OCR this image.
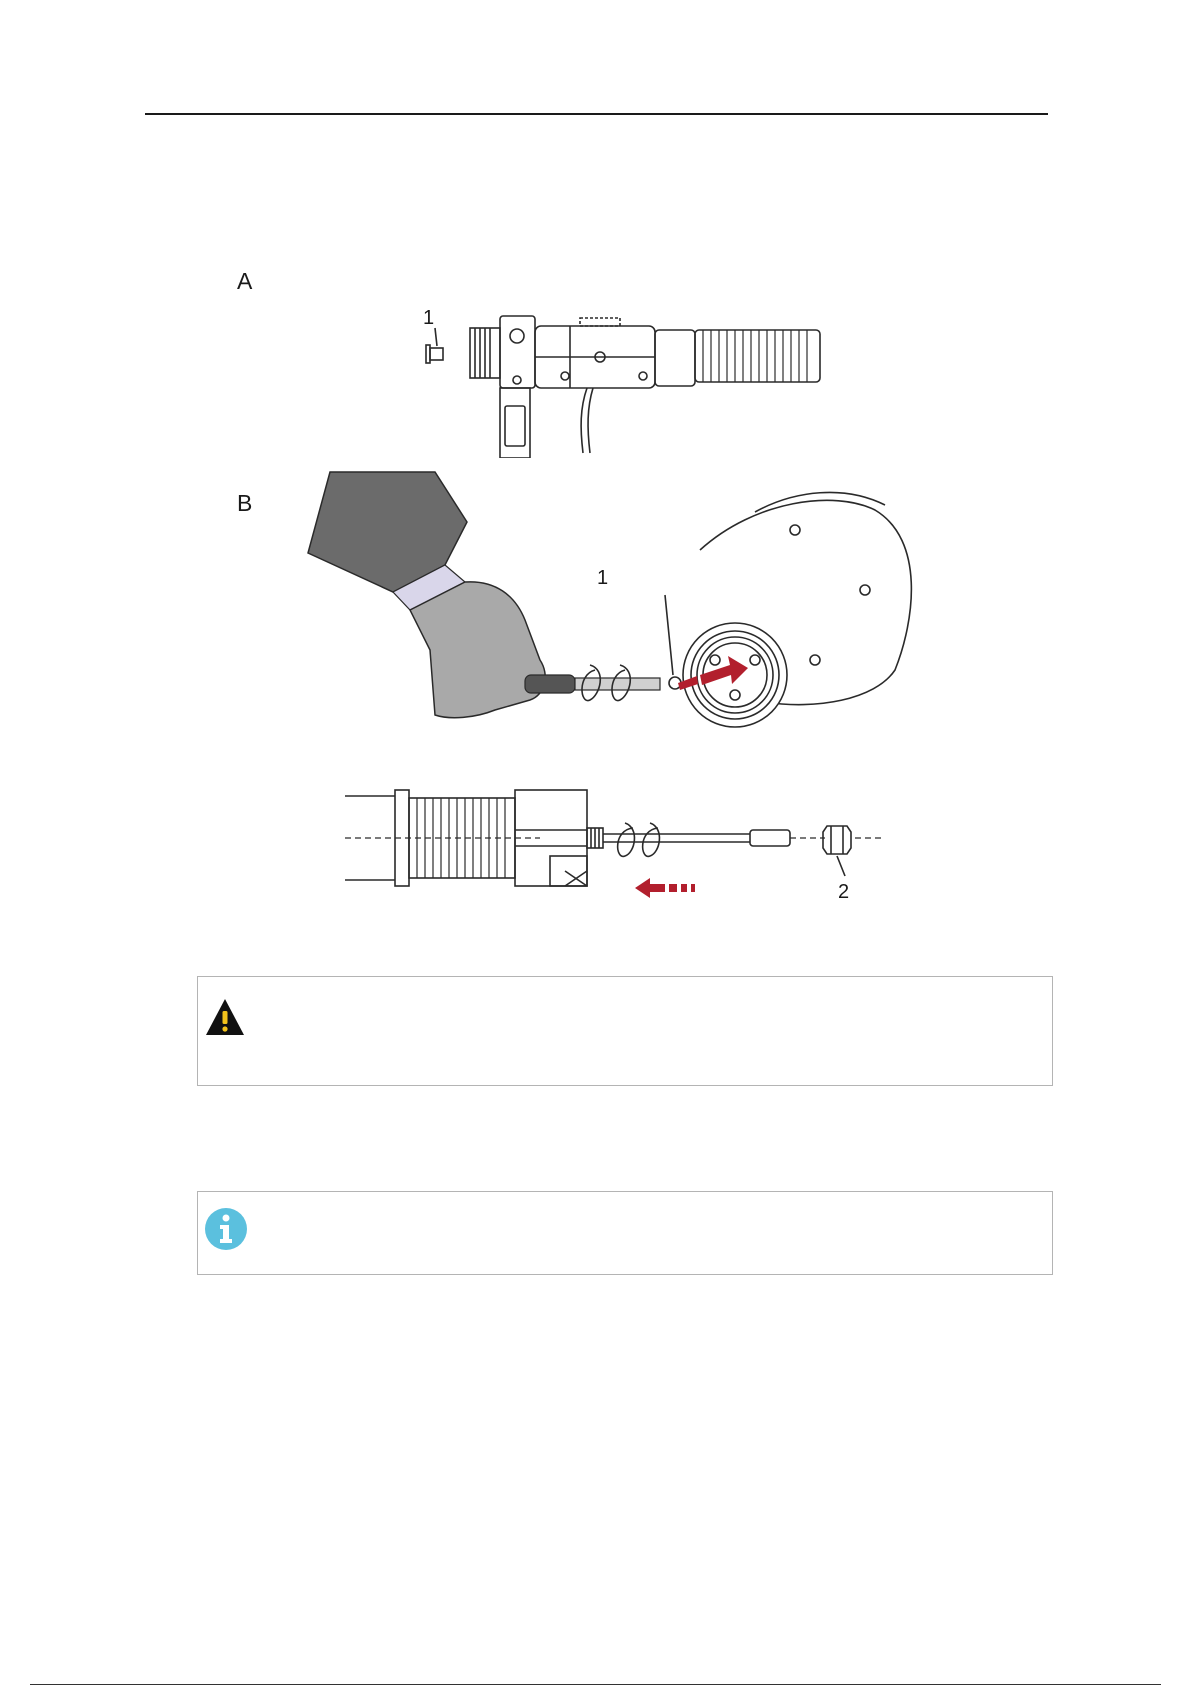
A
1
B
1
2
